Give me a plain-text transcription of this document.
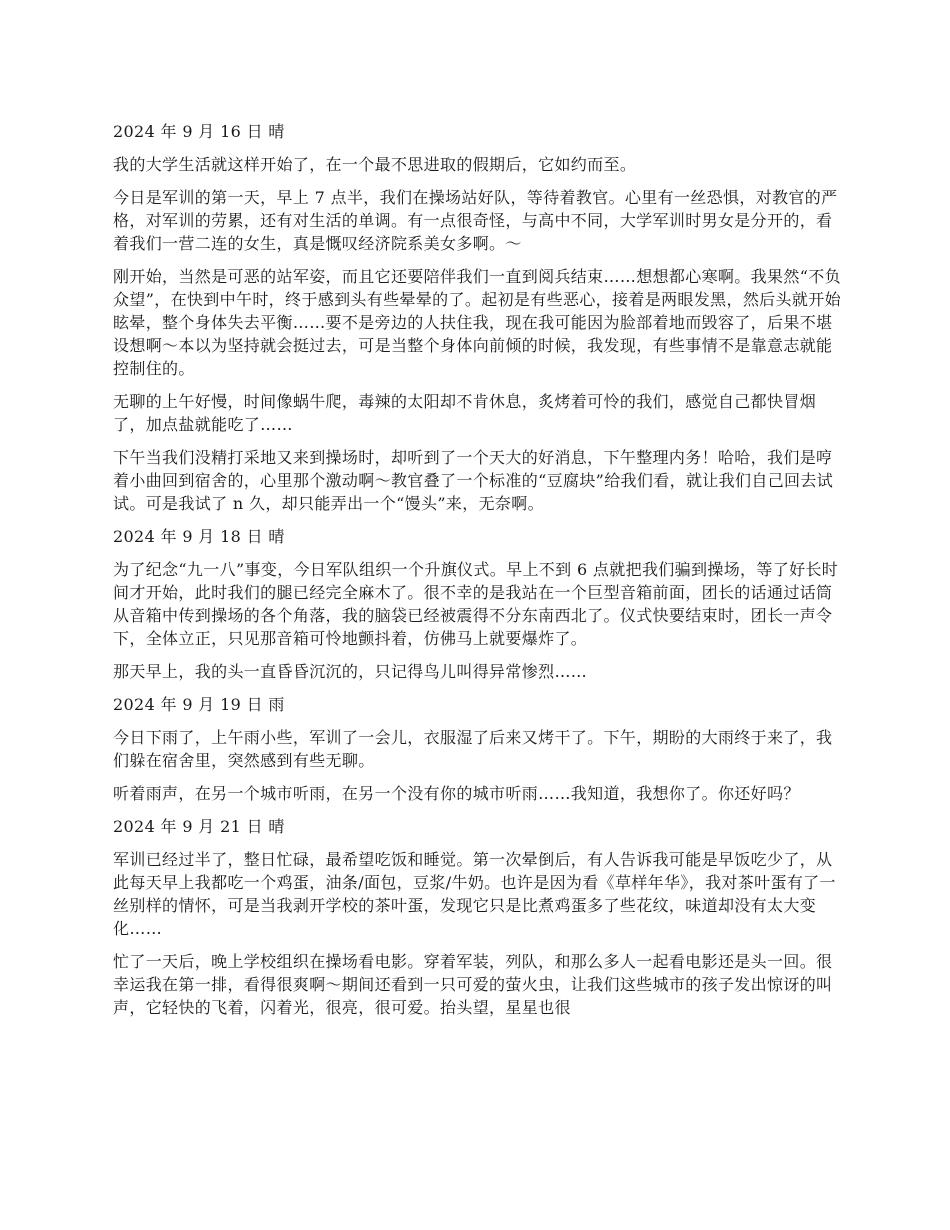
2024 年 9 月 16 日 晴

我的大学生活就这样开始了，在一个最不思进取的假期后，它如约而至。

今日是军训的第一天，早上 7 点半，我们在操场站好队，等待着教官。心里有一丝恐惧，对教官的严格，对军训的劳累，还有对生活的单调。有一点很奇怪，与高中不同，大学军训时男女是分开的，看着我们一营二连的女生，真是慨叹经济院系美女多啊。～

刚开始，当然是可恶的站军姿，而且它还要陪伴我们一直到阅兵结束……想想都心寒啊。我果然“不负众望”，在快到中午时，终于感到头有些晕晕的了。起初是有些恶心，接着是两眼发黑，然后头就开始眩晕，整个身体失去平衡……要不是旁边的人扶住我，现在我可能因为脸部着地而毁容了，后果不堪设想啊～本以为坚持就会挺过去，可是当整个身体向前倾的时候，我发现，有些事情不是靠意志就能控制住的。

无聊的上午好慢，时间像蜗牛爬，毒辣的太阳却不肯休息，炙烤着可怜的我们，感觉自己都快冒烟了，加点盐就能吃了……

下午当我们没精打采地又来到操场时，却听到了一个天大的好消息，下午整理内务！哈哈，我们是哼着小曲回到宿舍的，心里那个激动啊～教官叠了一个标准的“豆腐块”给我们看，就让我们自己回去试试。可是我试了 n 久，却只能弄出一个“馒头”来，无奈啊。

2024 年 9 月 18 日 晴

为了纪念“九一八”事变，今日军队组织一个升旗仪式。早上不到 6 点就把我们骗到操场，等了好长时间才开始，此时我们的腿已经完全麻木了。很不幸的是我站在一个巨型音箱前面，团长的话通过话筒从音箱中传到操场的各个角落，我的脑袋已经被震得不分东南西北了。仪式快要结束时，团长一声令下，全体立正，只见那音箱可怜地颤抖着，仿佛马上就要爆炸了。

那天早上，我的头一直昏昏沉沉的，只记得鸟儿叫得异常惨烈……

2024 年 9 月 19 日 雨

今日下雨了，上午雨小些，军训了一会儿，衣服湿了后来又烤干了。下午，期盼的大雨终于来了，我们躲在宿舍里，突然感到有些无聊。

听着雨声，在另一个城市听雨，在另一个没有你的城市听雨……我知道，我想你了。你还好吗？

2024 年 9 月 21 日 晴

军训已经过半了，整日忙碌，最希望吃饭和睡觉。第一次晕倒后，有人告诉我可能是早饭吃少了，从此每天早上我都吃一个鸡蛋，油条/面包，豆浆/牛奶。也许是因为看《草样年华》，我对茶叶蛋有了一丝别样的情怀，可是当我剥开学校的茶叶蛋，发现它只是比煮鸡蛋多了些花纹，味道却没有太大变化……

忙了一天后，晚上学校组织在操场看电影。穿着军装，列队，和那么多人一起看电影还是头一回。很幸运我在第一排，看得很爽啊～期间还看到一只可爱的萤火虫，让我们这些城市的孩子发出惊讶的叫声，它轻快的飞着，闪着光，很亮，很可爱。抬头望，星星也很
